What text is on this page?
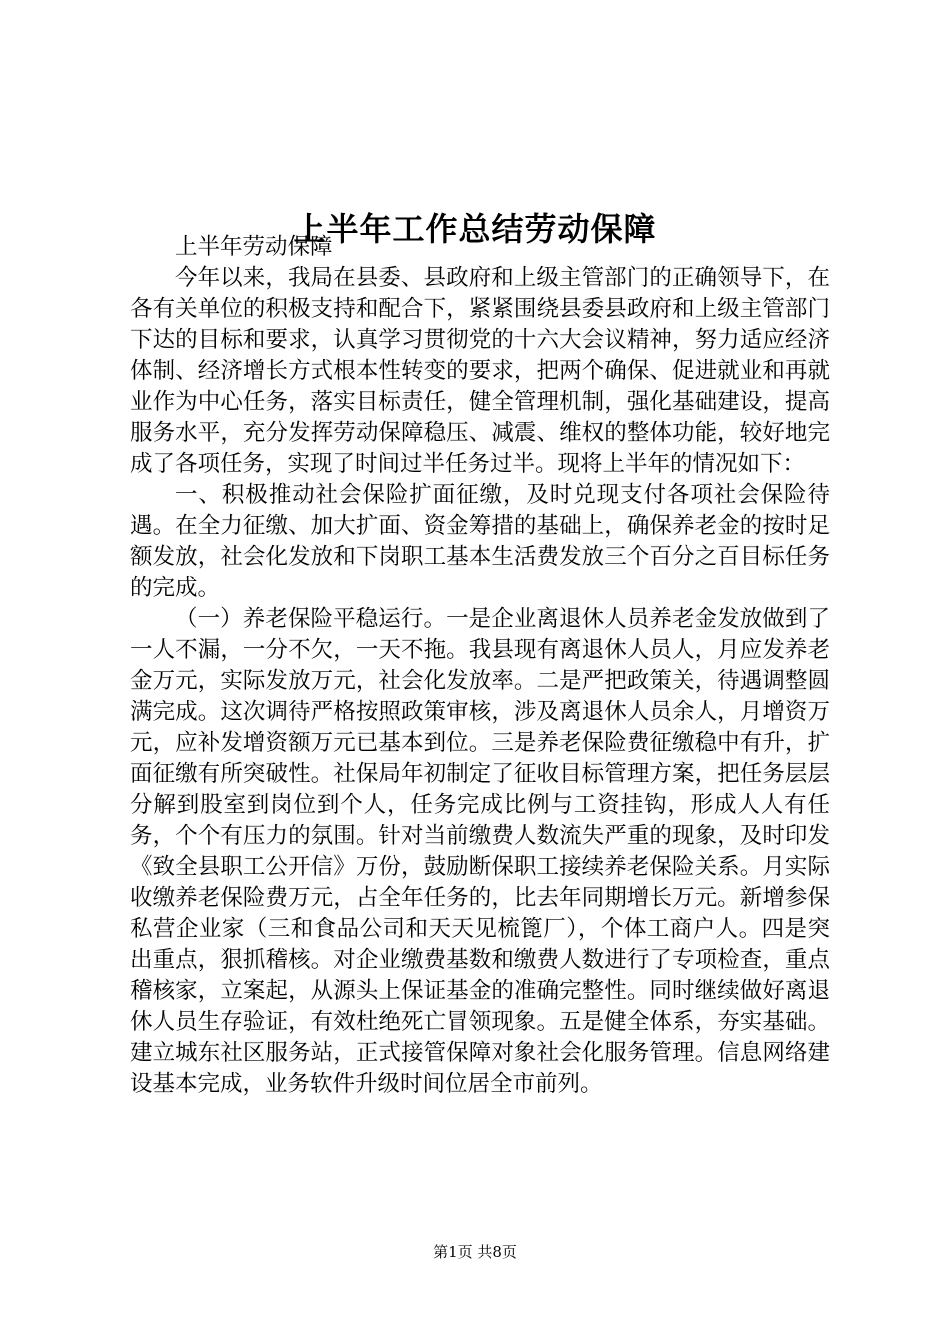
上半年工作总结劳动保障

上半年劳动保障

今年以来，我局在县委、县政府和上级主管部门的正确领导下，在各有关单位的积极支持和配合下，紧紧围绕县委县政府和上级主管部门下达的目标和要求，认真学习贯彻党的十六大会议精神，努力适应经济体制、经济增长方式根本性转变的要求，把两个确保、促进就业和再就业作为中心任务，落实目标责任，健全管理机制，强化基础建设，提高服务水平，充分发挥劳动保障稳压、减震、维权的整体功能，较好地完成了各项任务，实现了时间过半任务过半。现将上半年的情况如下：

一、积极推动社会保险扩面征缴，及时兑现支付各项社会保险待遇。在全力征缴、加大扩面、资金筹措的基础上，确保养老金的按时足额发放，社会化发放和下岗职工基本生活费发放三个百分之百目标任务的完成。

（一）养老保险平稳运行。一是企业离退休人员养老金发放做到了一人不漏，一分不欠，一天不拖。我县现有离退休人员人，月应发养老金万元，实际发放万元，社会化发放率。二是严把政策关，待遇调整圆满完成。这次调待严格按照政策审核，涉及离退休人员余人，月增资万元，应补发增资额万元已基本到位。三是养老保险费征缴稳中有升，扩面征缴有所突破性。社保局年初制定了征收目标管理方案，把任务层层分解到股室到岗位到个人，任务完成比例与工资挂钩，形成人人有任务，个个有压力的氛围。针对当前缴费人数流失严重的现象，及时印发《致全县职工公开信》万份，鼓励断保职工接续养老保险关系。月实际收缴养老保险费万元，占全年任务的，比去年同期增长万元。新增参保私营企业家（三和食品公司和天天见梳篦厂），个体工商户人。四是突出重点，狠抓稽核。对企业缴费基数和缴费人数进行了专项检查，重点稽核家，立案起，从源头上保证基金的准确完整性。同时继续做好离退休人员生存验证，有效杜绝死亡冒领现象。五是健全体系，夯实基础。建立城东社区服务站，正式接管保障对象社会化服务管理。信息网络建设基本完成，业务软件升级时间位居全市前列。

第1页 共8页
